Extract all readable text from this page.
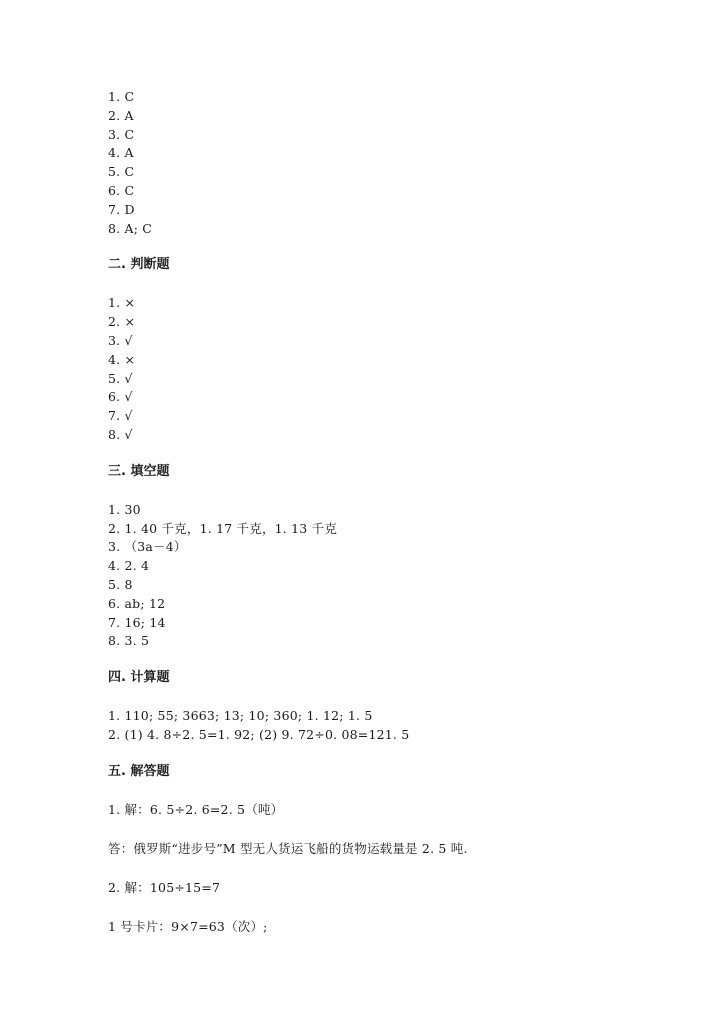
1. C
2. A
3. C
4. A
5. C
6. C
7. D
8. A; C
二. 判断题
1. ×
2. ×
3. √
4. ×
5. √
6. √
7. √
8. √
三. 填空题
1. 30
2. 1. 40 千克，1. 17 千克，1. 13 千克
3. （3a－4）
4. 2. 4
5. 8
6. ab; 12
7. 16; 14
8. 3. 5
四. 计算题
1. 110; 55; 3663; 13; 10; 360; 1. 12; 1. 5
2. (1) 4. 8÷2. 5=1. 92; (2) 9. 72÷0. 08=121. 5
五. 解答题
1. 解：6. 5÷2. 6=2. 5（吨）
答：俄罗斯“进步号”M 型无人货运飞船的货物运载量是 2. 5 吨.
2. 解：105÷15=7
1 号卡片：9×7=63（次）;
